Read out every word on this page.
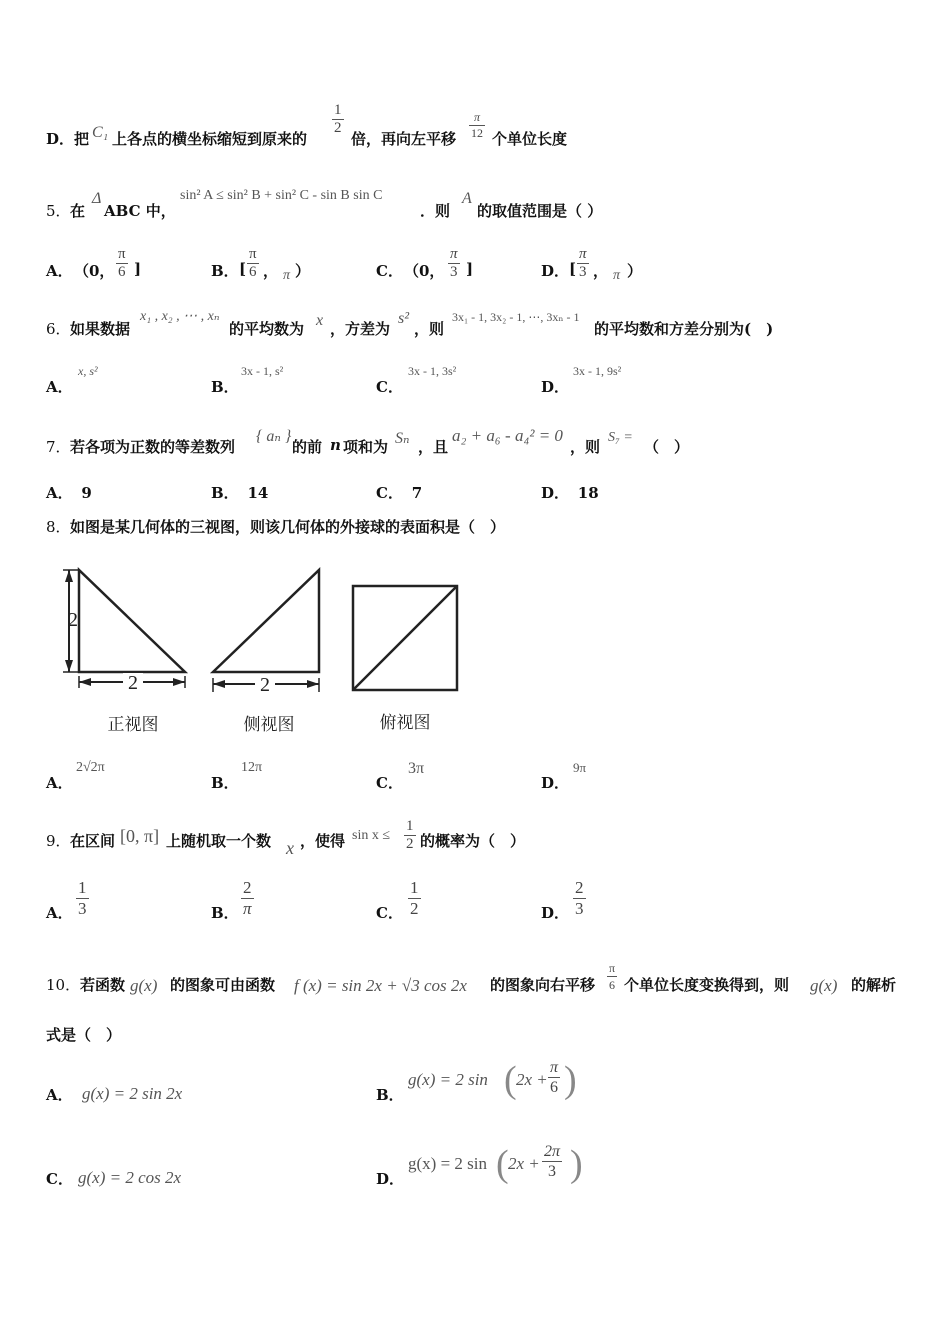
D． 把 C₁ 上各点的横坐标缩短到原来的
$\frac{1}{2}$
倍，再向左平移 $\frac{\pi}{12}$ 个单位长度
5． 在
Δ
ABC 中，
sin² A ≤ sin² B + sin² C - sin B sin C
．则
A
的取值范围是（ ）
A． （0， $\frac{\pi}{6}$ ]	B． [ $\frac{\pi}{6}$ ， π ）	C． （0， $\frac{\pi}{3}$ ]	D． [ $\frac{\pi}{3}$ ， π ）
6． 如果数据
x₁ , x₂ , ⋯ , xₙ
的平均数为 x ，方差为
s²
，则
3x₁ - 1, 3x₂ - 1, ⋯, 3xₙ - 1
的平均数和方差分别为(　)
A．
x, s²
B．
3x - 1, s²
C．
3x - 1, 3s²
D．
3x - 1, 9s²
7． 若各项为正数的等差数列
{ aₙ }
的前 n 项和为 Sₙ ，且
a₂ + a₆ - a₄² = 0
，则
S₇ =
（　）
A． 9	B． 14	C． 7	D． 18
8． 如图是某几何体的三视图，则该几何体的外接球的表面积是（　）
2
2	2
正视图	侧视图	俯视图
A．
2√2π
B．
12π
C．
3π
D．
9π
9． 在区间 [0, π] 上随机取一个数 x ，使得 $\sin x \le \frac{1}{2}$ 的概率为（　）
A． $\frac{1}{3}$	B． $\frac{2}{\pi}$	C． $\frac{1}{2}$	D． $\frac{2}{3}$
10． 若函数 g(x) 的图象可由函数 f (x) = sin 2x + √3 cos 2x 的图象向右平移 $\frac{\pi}{6}$ 个单位长度变换得到，则 g(x) 的解析
式是（　）
A． g(x) = 2 sin 2x	B．
g(x) = 2 sin ( $2x + \frac{\pi}{6}$ )
C． g(x) = 2 cos 2x	D．
g(x) = 2 sin ( $2x + \frac{2\pi}{3}$ )
